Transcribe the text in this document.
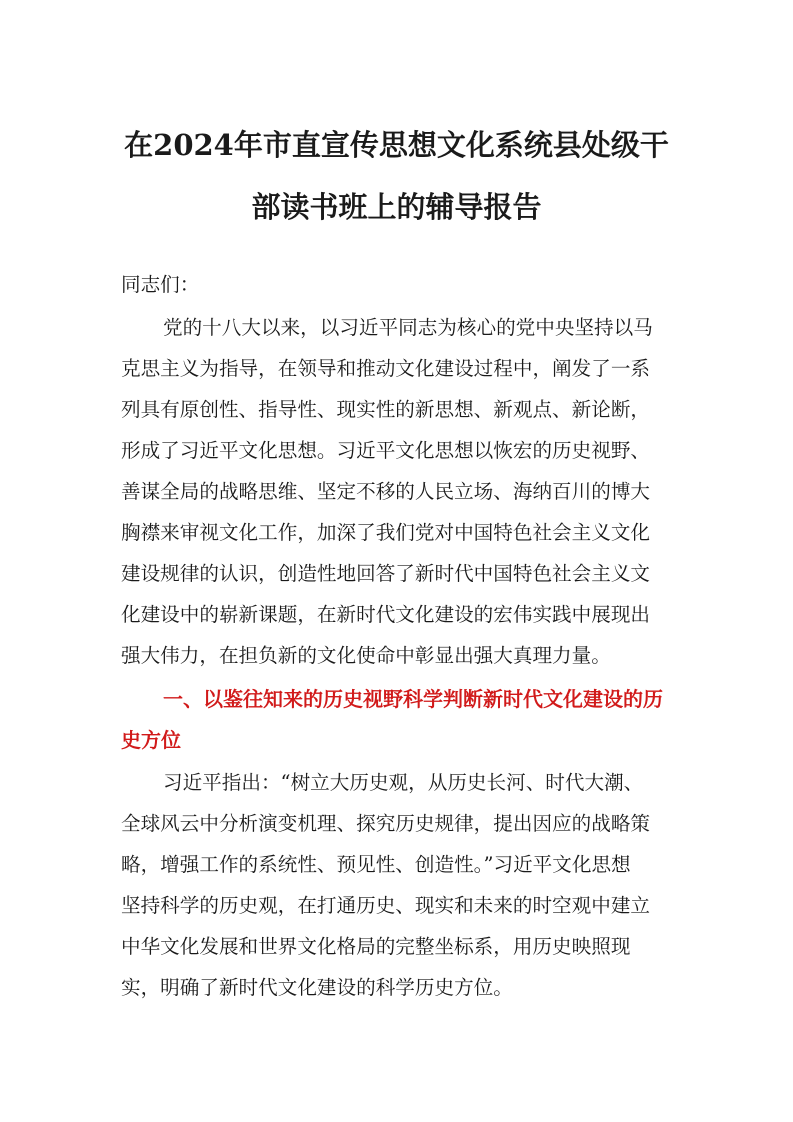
在2024年市直宣传思想文化系统县处级干
部读书班上的辅导报告
同志们：
党的十八大以来，以习近平同志为核心的党中央坚持以马
克思主义为指导，在领导和推动文化建设过程中，阐发了一系
列具有原创性、指导性、现实性的新思想、新观点、新论断，
形成了习近平文化思想。习近平文化思想以恢宏的历史视野、
善谋全局的战略思维、坚定不移的人民立场、海纳百川的博大
胸襟来审视文化工作，加深了我们党对中国特色社会主义文化
建设规律的认识，创造性地回答了新时代中国特色社会主义文
化建设中的崭新课题，在新时代文化建设的宏伟实践中展现出
强大伟力，在担负新的文化使命中彰显出强大真理力量。
一、以鉴往知来的历史视野科学判断新时代文化建设的历
史方位
习近平指出：“树立大历史观，从历史长河、时代大潮、
全球风云中分析演变机理、探究历史规律，提出因应的战略策
略，增强工作的系统性、预见性、创造性。”习近平文化思想
坚持科学的历史观，在打通历史、现实和未来的时空观中建立
中华文化发展和世界文化格局的完整坐标系，用历史映照现
实，明确了新时代文化建设的科学历史方位。
